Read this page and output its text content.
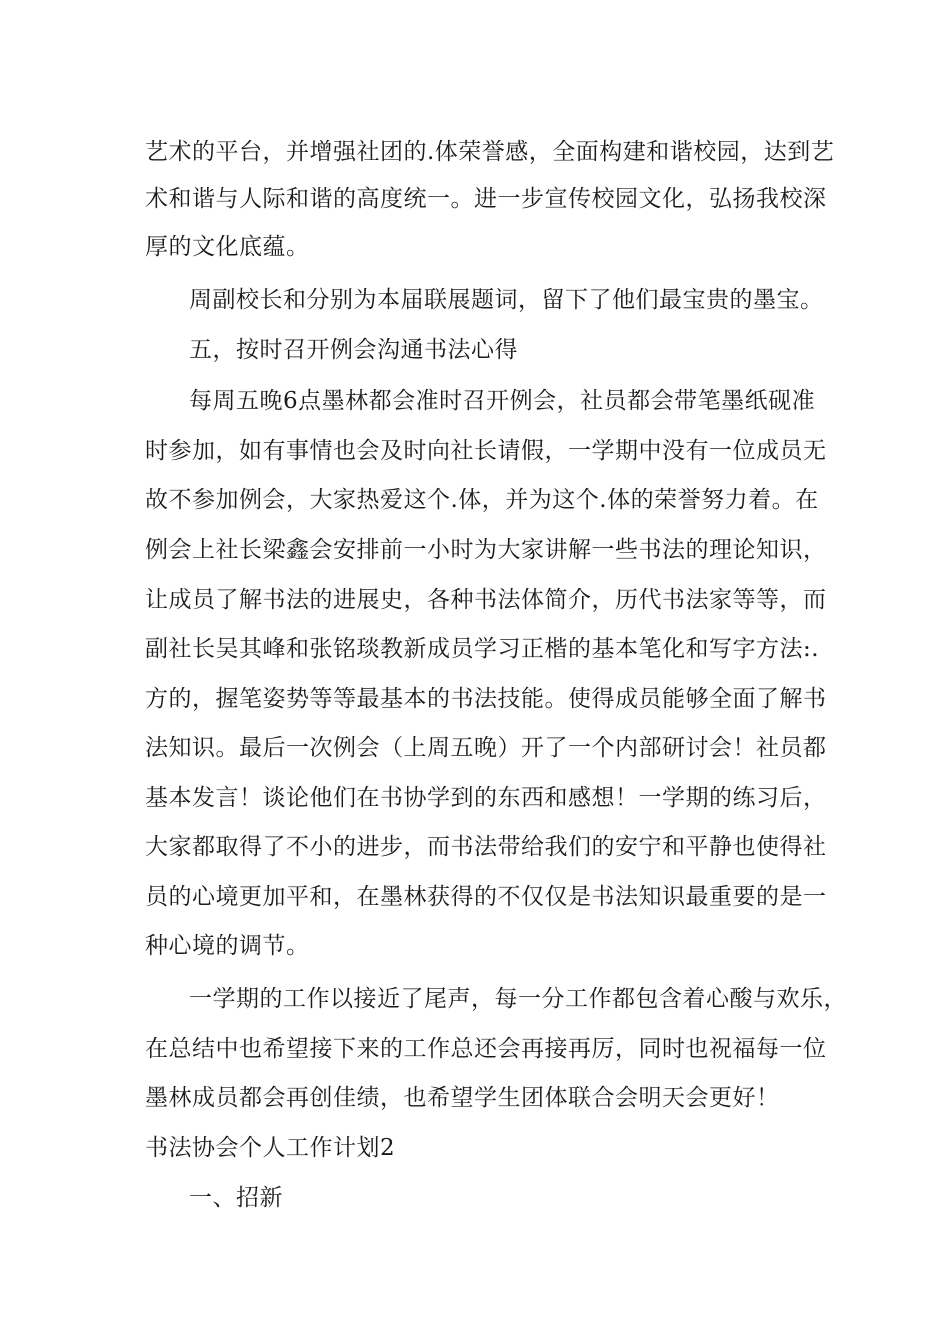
艺术的平台，并增强社团的.体荣誉感，全面构建和谐校园，达到艺
术和谐与人际和谐的高度统一。进一步宣传校园文化，弘扬我校深
厚的文化底蕴。
周副校长和分别为本届联展题词，留下了他们最宝贵的墨宝。
五，按时召开例会沟通书法心得
每周五晚6点墨林都会准时召开例会，社员都会带笔墨纸砚准
时参加，如有事情也会及时向社长请假，一学期中没有一位成员无
故不参加例会，大家热爱这个.体，并为这个.体的荣誉努力着。在
例会上社长梁鑫会安排前一小时为大家讲解一些书法的理论知识，
让成员了解书法的进展史，各种书法体简介，历代书法家等等，而
副社长吴其峰和张铭琰教新成员学习正楷的基本笔化和写字方法:.
方的，握笔姿势等等最基本的书法技能。使得成员能够全面了解书
法知识。最后一次例会（上周五晚）开了一个内部研讨会！社员都
基本发言！谈论他们在书协学到的东西和感想！一学期的练习后，
大家都取得了不小的进步，而书法带给我们的安宁和平静也使得社
员的心境更加平和，在墨林获得的不仅仅是书法知识最重要的是一
种心境的调节。
一学期的工作以接近了尾声，每一分工作都包含着心酸与欢乐，
在总结中也希望接下来的工作总还会再接再厉，同时也祝福每一位
墨林成员都会再创佳绩，也希望学生团体联合会明天会更好！
书法协会个人工作计划2
一、招新
